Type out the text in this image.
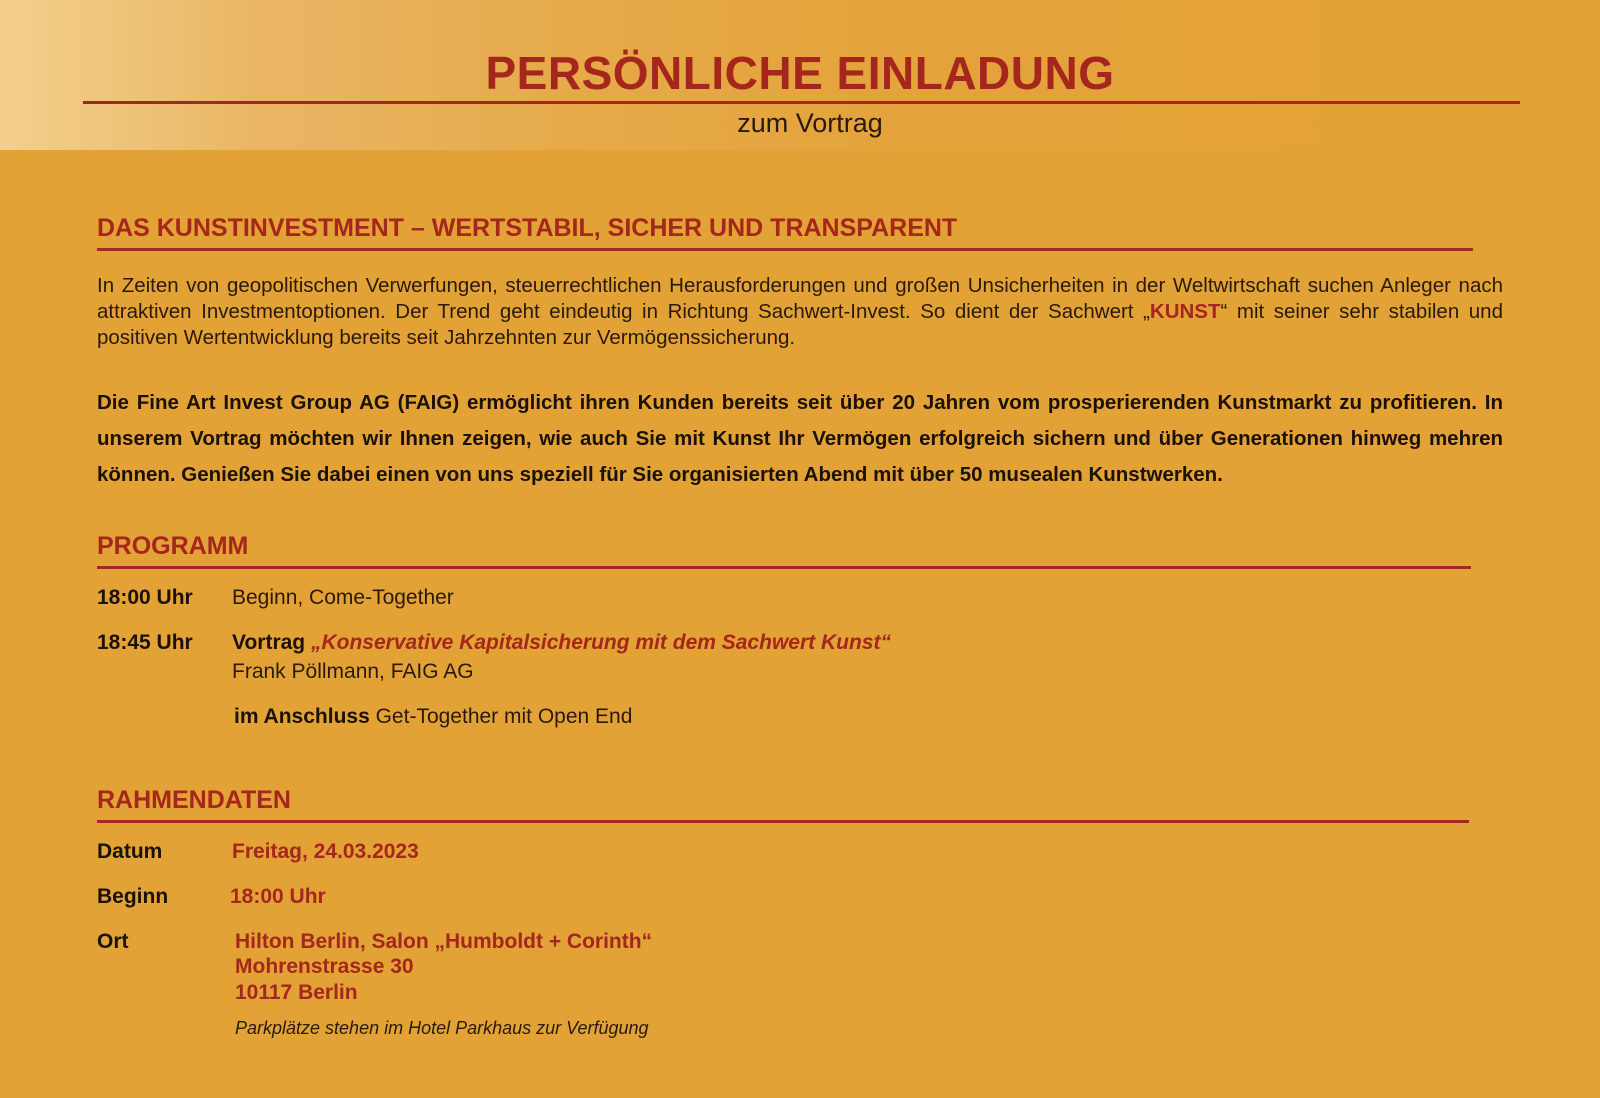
PERSÖNLICHE EINLADUNG
zum Vortrag
DAS KUNSTINVESTMENT – WERTSTABIL, SICHER UND TRANSPARENT
In Zeiten von geopolitischen Verwerfungen, steuerrechtlichen Herausforderungen und großen Unsicherheiten in der Weltwirtschaft suchen Anleger nach attraktiven Investmentoptionen. Der Trend geht eindeutig in Richtung Sachwert-Invest. So dient der Sachwert „KUNST“ mit seiner sehr stabilen und positiven Wertentwicklung bereits seit Jahrzehnten zur Vermögenssicherung.
Die Fine Art Invest Group AG (FAIG) ermöglicht ihren Kunden bereits seit über 20 Jahren vom prosperierenden Kunstmarkt zu profitieren. In unserem Vortrag möchten wir Ihnen zeigen, wie auch Sie mit Kunst Ihr Vermögen erfolgreich sichern und über Generationen hinweg mehren können. Genießen Sie dabei einen von uns speziell für Sie organisierten Abend mit über 50 musealen Kunstwerken.
PROGRAMM
18:00 Uhr Beginn, Come-Together
18:45 Uhr Vortrag „Konservative Kapitalsicherung mit dem Sachwert Kunst“
Frank Pöllmann, FAIG AG
im Anschluss Get-Together mit Open End
RAHMENDATEN
Datum	Freitag, 24.03.2023
Beginn	18:00 Uhr
Ort	Hilton Berlin, Salon „Humboldt + Corinth“
Mohrenstrasse 30
10117 Berlin
Parkplätze stehen im Hotel Parkhaus zur Verfügung
